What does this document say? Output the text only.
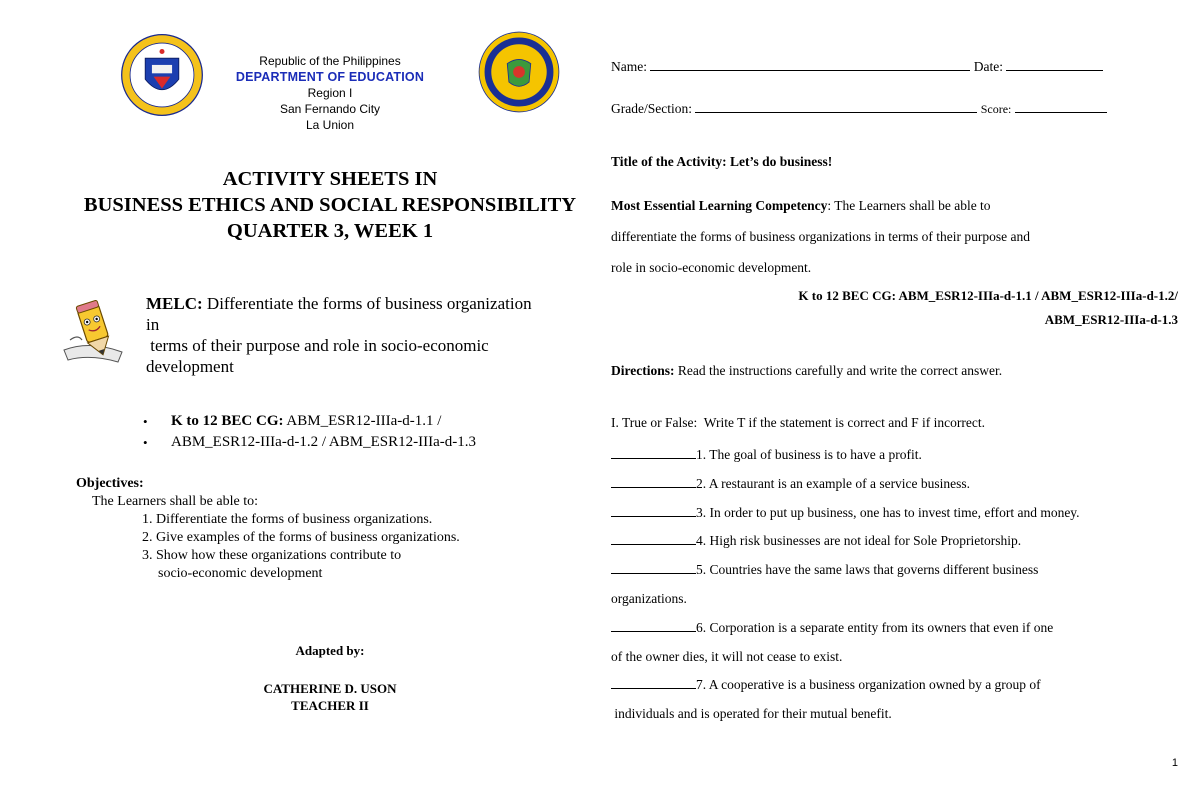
Republic of the Philippines
DEPARTMENT OF EDUCATION
Region I
San Fernando City
La Union
ACTIVITY SHEETS IN
BUSINESS ETHICS AND SOCIAL RESPONSIBILITY
QUARTER 3, WEEK 1
MELC: Differentiate the forms of business organization
in
terms of their purpose and role in socio-economic
development
• K to 12 BEC CG: ABM_ESR12-IIIa-d-1.1 /
• ABM_ESR12-IIIa-d-1.2 / ABM_ESR12-IIIa-d-1.3
Objectives:
The Learners shall be able to:
1. Differentiate the forms of business organizations.
2. Give examples of the forms of business organizations.
3. Show how these organizations contribute to
socio-economic development
Adapted by:
CATHERINE D. USON
TEACHER II
Name:	Date:
Grade/Section:	Score:
Title of the Activity: Let’s do business!
Most Essential Learning Competency: The Learners shall be able to
differentiate the forms of business organizations in terms of their purpose and
role in socio-economic development.
K to 12 BEC CG: ABM_ESR12-IIIa-d-1.1 / ABM_ESR12-IIIa-d-1.2/
ABM_ESR12-IIIa-d-1.3
Directions: Read the instructions carefully and write the correct answer.
I. True or False:  Write T if the statement is correct and F if incorrect.
1. The goal of business is to have a profit.
2. A restaurant is an example of a service business.
3. In order to put up business, one has to invest time, effort and money.
4. High risk businesses are not ideal for Sole Proprietorship.
5. Countries have the same laws that governs different business
organizations.
6. Corporation is a separate entity from its owners that even if one
of the owner dies, it will not cease to exist.
7. A cooperative is a business organization owned by a group of
individuals and is operated for their mutual benefit.
1
